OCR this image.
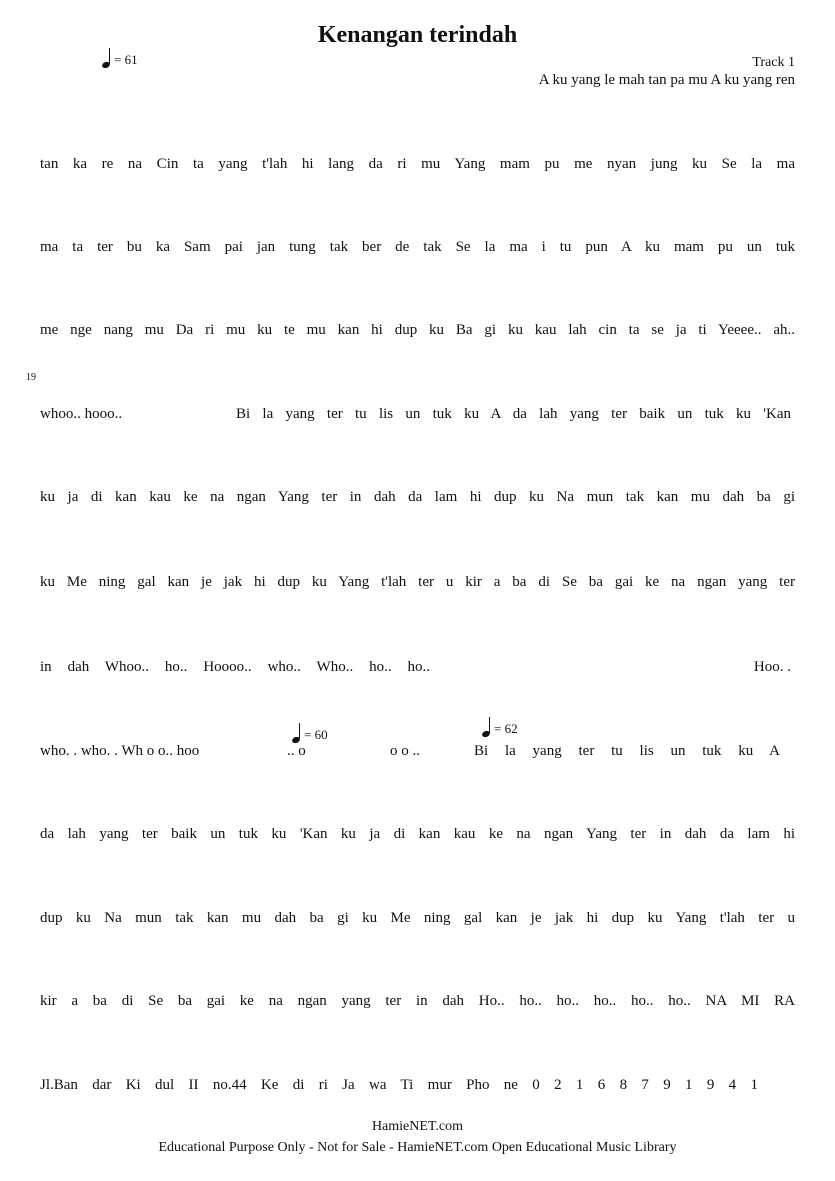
Kenangan terindah
Track 1
= 61
19
A ku yang le mah tan pa mu A ku yang ren
tan ka re na Cin ta yang t'lah hi lang da ri mu Yang mam pu me nyan jung ku Se la ma
ma ta ter bu ka Sam pai jan tung tak ber de tak Se la ma i tu pun A ku mam pu un tuk
me nge nang mu Da ri mu ku te mu kan hi dup ku Ba gi ku kau lah cin ta se ja ti Yeeee.. ah..
whoo.. hooo..	Bi la yang ter tu lis un tuk ku A da lah yang ter baik un tuk ku 'Kan
ku ja di kan kau ke na ngan Yang ter in dah da lam hi dup ku Na mun tak kan mu dah ba gi
ku Me ning gal kan je jak hi dup ku Yang t'lah ter u kir a ba di Se ba gai ke na ngan yang ter
in dah Whoo.. ho.. Hoooo.. who.. Who.. ho.. ho..	Hoo. .
= 60	= 62
who. . who. . Wh o o.. hoo	.. o	o o ..	Bi la yang ter tu lis un tuk ku A
da lah yang ter baik un tuk ku 'Kan ku ja di kan kau ke na ngan Yang ter in dah da lam hi
dup ku Na mun tak kan mu dah ba gi ku Me ning gal kan je jak hi dup ku Yang t'lah ter u
kir a ba di Se ba gai ke na ngan yang ter in dah Ho.. ho.. ho.. ho.. ho.. ho.. NA MI RA
Jl.Ban dar Ki dul II no.44 Ke di ri Ja wa Ti mur Pho ne 0 2 1 6 8 7 9 1 9 4 1

HamieNET.com

Educational Purpose Only - Not for Sale - HamieNET.com Open Educational Music Library
